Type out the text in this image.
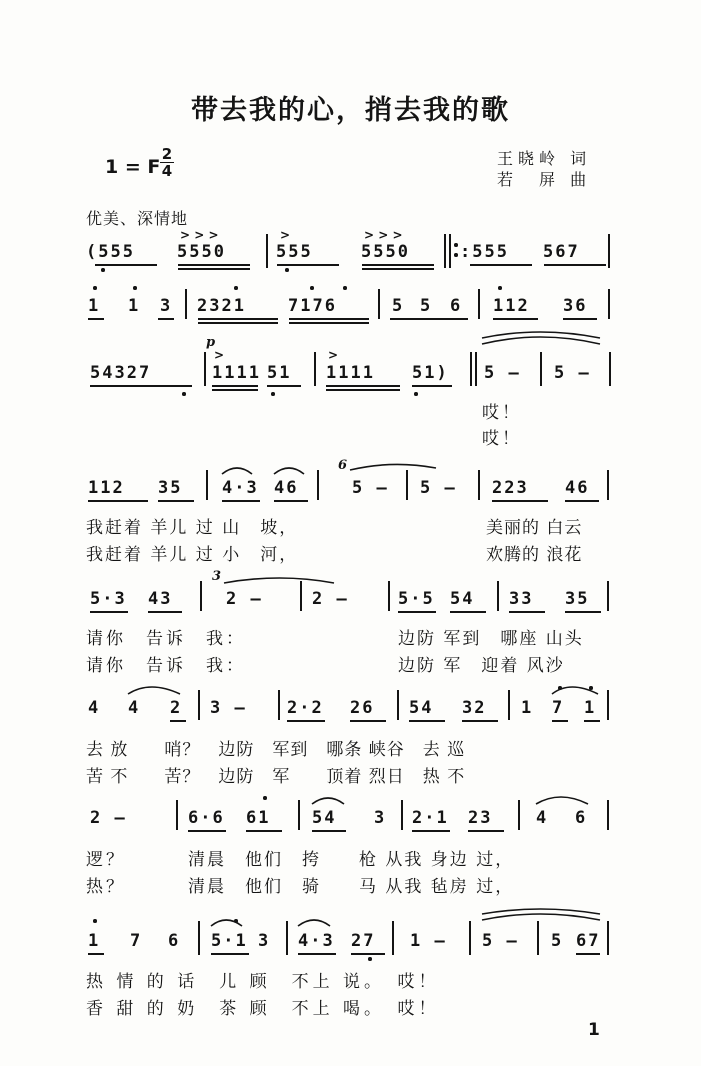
带去我的心，捎去我的歌
1 = F $\frac{2}{4}$	王晓岭 词
若　屏 曲
优美、深情地
(555 5550	555	5550	:555 567
> > >	>	> > >
1 1 3 2321 7176	5 5 6 112 36
54327	1111 51 1111 51) 5 — 5 —
p
>	>
哎！
哎！
112 35 4·3 46	5 — 5 — 223 46
6
我赶着 羊儿 过 山　坡，	美丽的 白云
我赶着 羊儿 过 小　河，	欢腾的 浪花
5·3 43	2 —	2 —	5·5 54 33 35
3
请你　告诉　我：	边防 军到　哪座 山头
请你　告诉　我：	边防 军　迎着 风沙
4 4 2 3 — 2·2 26 54 32 1 7 1
去 放　　哨？　边防　军到　哪条 峡谷　去 巡
苦 不　　苦？　边防　军　　顶着 烈日　热 不
2 —	6·6 61 54 3 2·1 23	4 6
逻？	清晨　他们　挎　　枪 从我 身边 过，
热？	清晨　他们　骑　　马 从我 毡房 过，
1 7 6 5·1 3 4·3 27 1 — 5 — 5 67
热 情 的 话　儿 顾　不上 说。　哎！
香 甜 的 奶　茶 顾　不上 喝。　哎！
1
